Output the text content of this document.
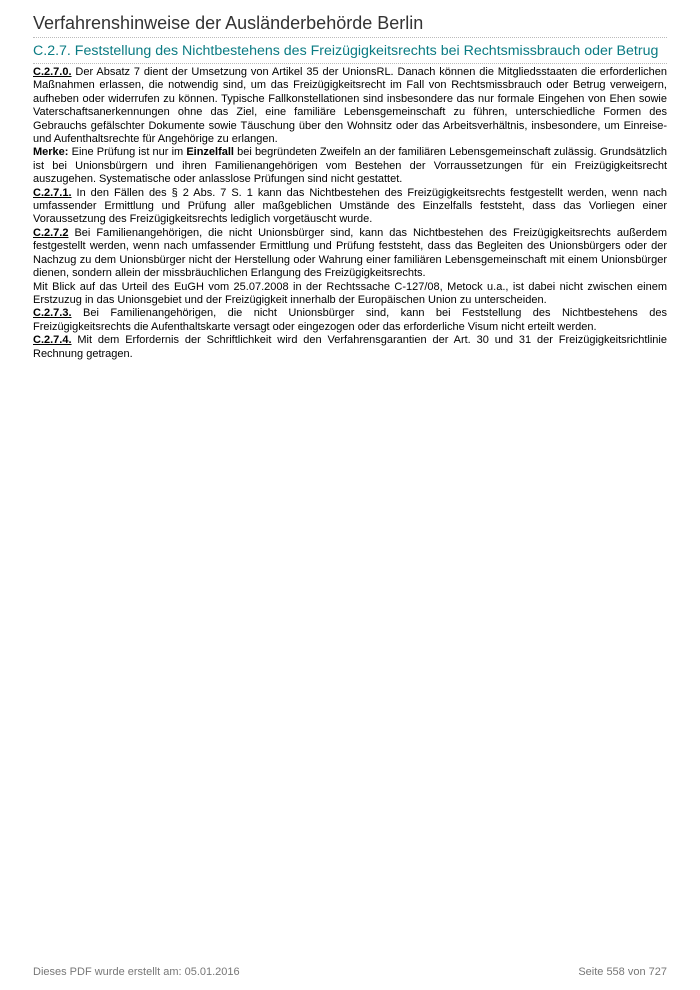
Verfahrenshinweise der Ausländerbehörde Berlin
C.2.7. Feststellung des Nichtbestehens des Freizügigkeitsrechts bei Rechtsmissbrauch oder Betrug

C.2.7.0. Der Absatz 7 dient der Umsetzung von Artikel 35 der UnionsRL. Danach können die Mitgliedsstaaten die erforderlichen Maßnahmen erlassen, die notwendig sind, um das Freizügigkeitsrecht im Fall von Rechtsmissbrauch oder Betrug verweigern, aufheben oder widerrufen zu können. Typische Fallkonstellationen sind insbesondere das nur formale Eingehen von Ehen sowie Vaterschaftsanerkennungen ohne das Ziel, eine familiäre Lebensgemeinschaft zu führen, unterschiedliche Formen des Gebrauchs gefälschter Dokumente sowie Täuschung über den Wohnsitz oder das Arbeitsverhältnis, insbesondere, um Einreise- und Aufenthaltsrechte für Angehörige zu erlangen.

Merke: Eine Prüfung ist nur im Einzelfall bei begründeten Zweifeln an der familiären Lebensgemeinschaft zulässig. Grundsätzlich ist bei Unionsbürgern und ihren Familienangehörigen vom Bestehen der Vorraussetzungen für ein Freizügigkeitsrecht auszugehen. Systematische oder anlasslose Prüfungen sind nicht gestattet.

C.2.7.1. In den Fällen des § 2 Abs. 7 S. 1 kann das Nichtbestehen des Freizügigkeitsrechts festgestellt werden, wenn nach umfassender Ermittlung und Prüfung aller maßgeblichen Umstände des Einzelfalls feststeht, dass das Vorliegen einer Voraussetzung des Freizügigkeitsrechts lediglich vorgetäuscht wurde.

C.2.7.2 Bei Familienangehörigen, die nicht Unionsbürger sind, kann das Nichtbestehen des Freizügigkeitsrechts außerdem festgestellt werden, wenn nach umfassender Ermittlung und Prüfung feststeht, dass das Begleiten des Unionsbürgers oder der Nachzug zu dem Unionsbürger nicht der Herstellung oder Wahrung einer familiären Lebensgemeinschaft mit einem Unionsbürger dienen, sondern allein der missbräuchlichen Erlangung des Freizügigkeitsrechts.

Mit Blick auf das Urteil des EuGH vom 25.07.2008 in der Rechtssache C-127/08, Metock u.a., ist dabei nicht zwischen einem Erstzuzug in das Unionsgebiet und der Freizügigkeit innerhalb der Europäischen Union zu unterscheiden.

C.2.7.3. Bei Familienangehörigen, die nicht Unionsbürger sind, kann bei Feststellung des Nichtbestehens des Freizügigkeitsrechts die Aufenthaltskarte versagt oder eingezogen oder das erforderliche Visum nicht erteilt werden.

C.2.7.4. Mit dem Erfordernis der Schriftlichkeit wird den Verfahrensgarantien der Art. 30 und 31 der Freizügigkeitsrichtlinie Rechnung getragen.

Dieses PDF wurde erstellt am: 05.01.2016	Seite 558 von 727
